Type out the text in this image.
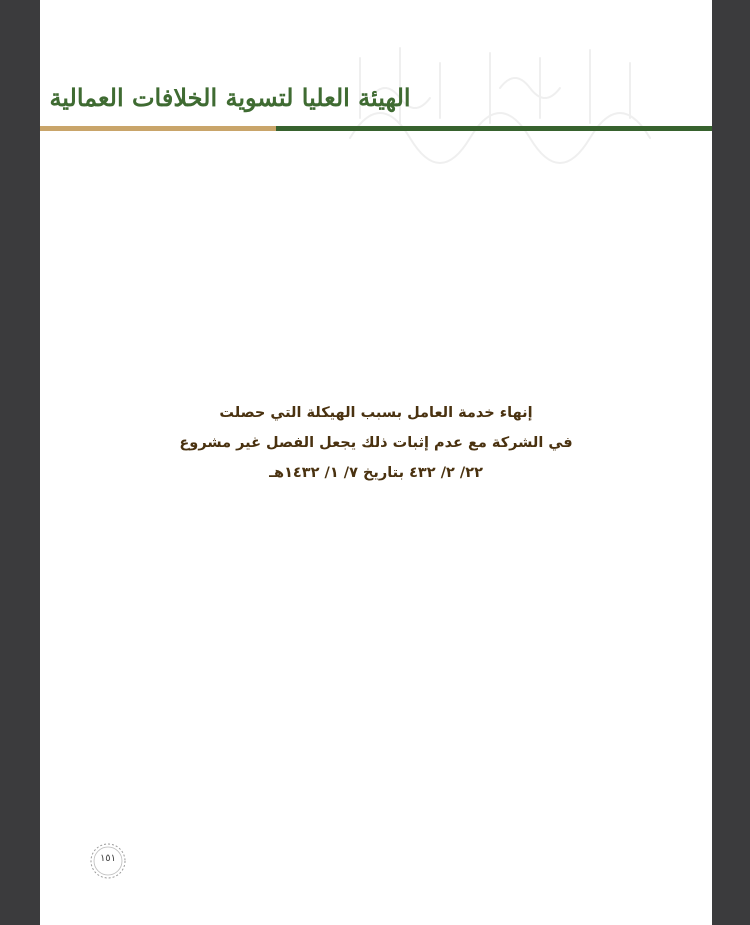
الهيئة العليا لتسوية الخلافات العمالية
إنهاء خدمة العامل بسبب الهيكلة التي حصلت
في الشركة مع عدم إثبات ذلك يجعل الفصل غير مشروع
٢٢/ ٢/ ٤٣٢ بتاريخ ٧/ ١/ ١٤٣٢هـ
١٥١
